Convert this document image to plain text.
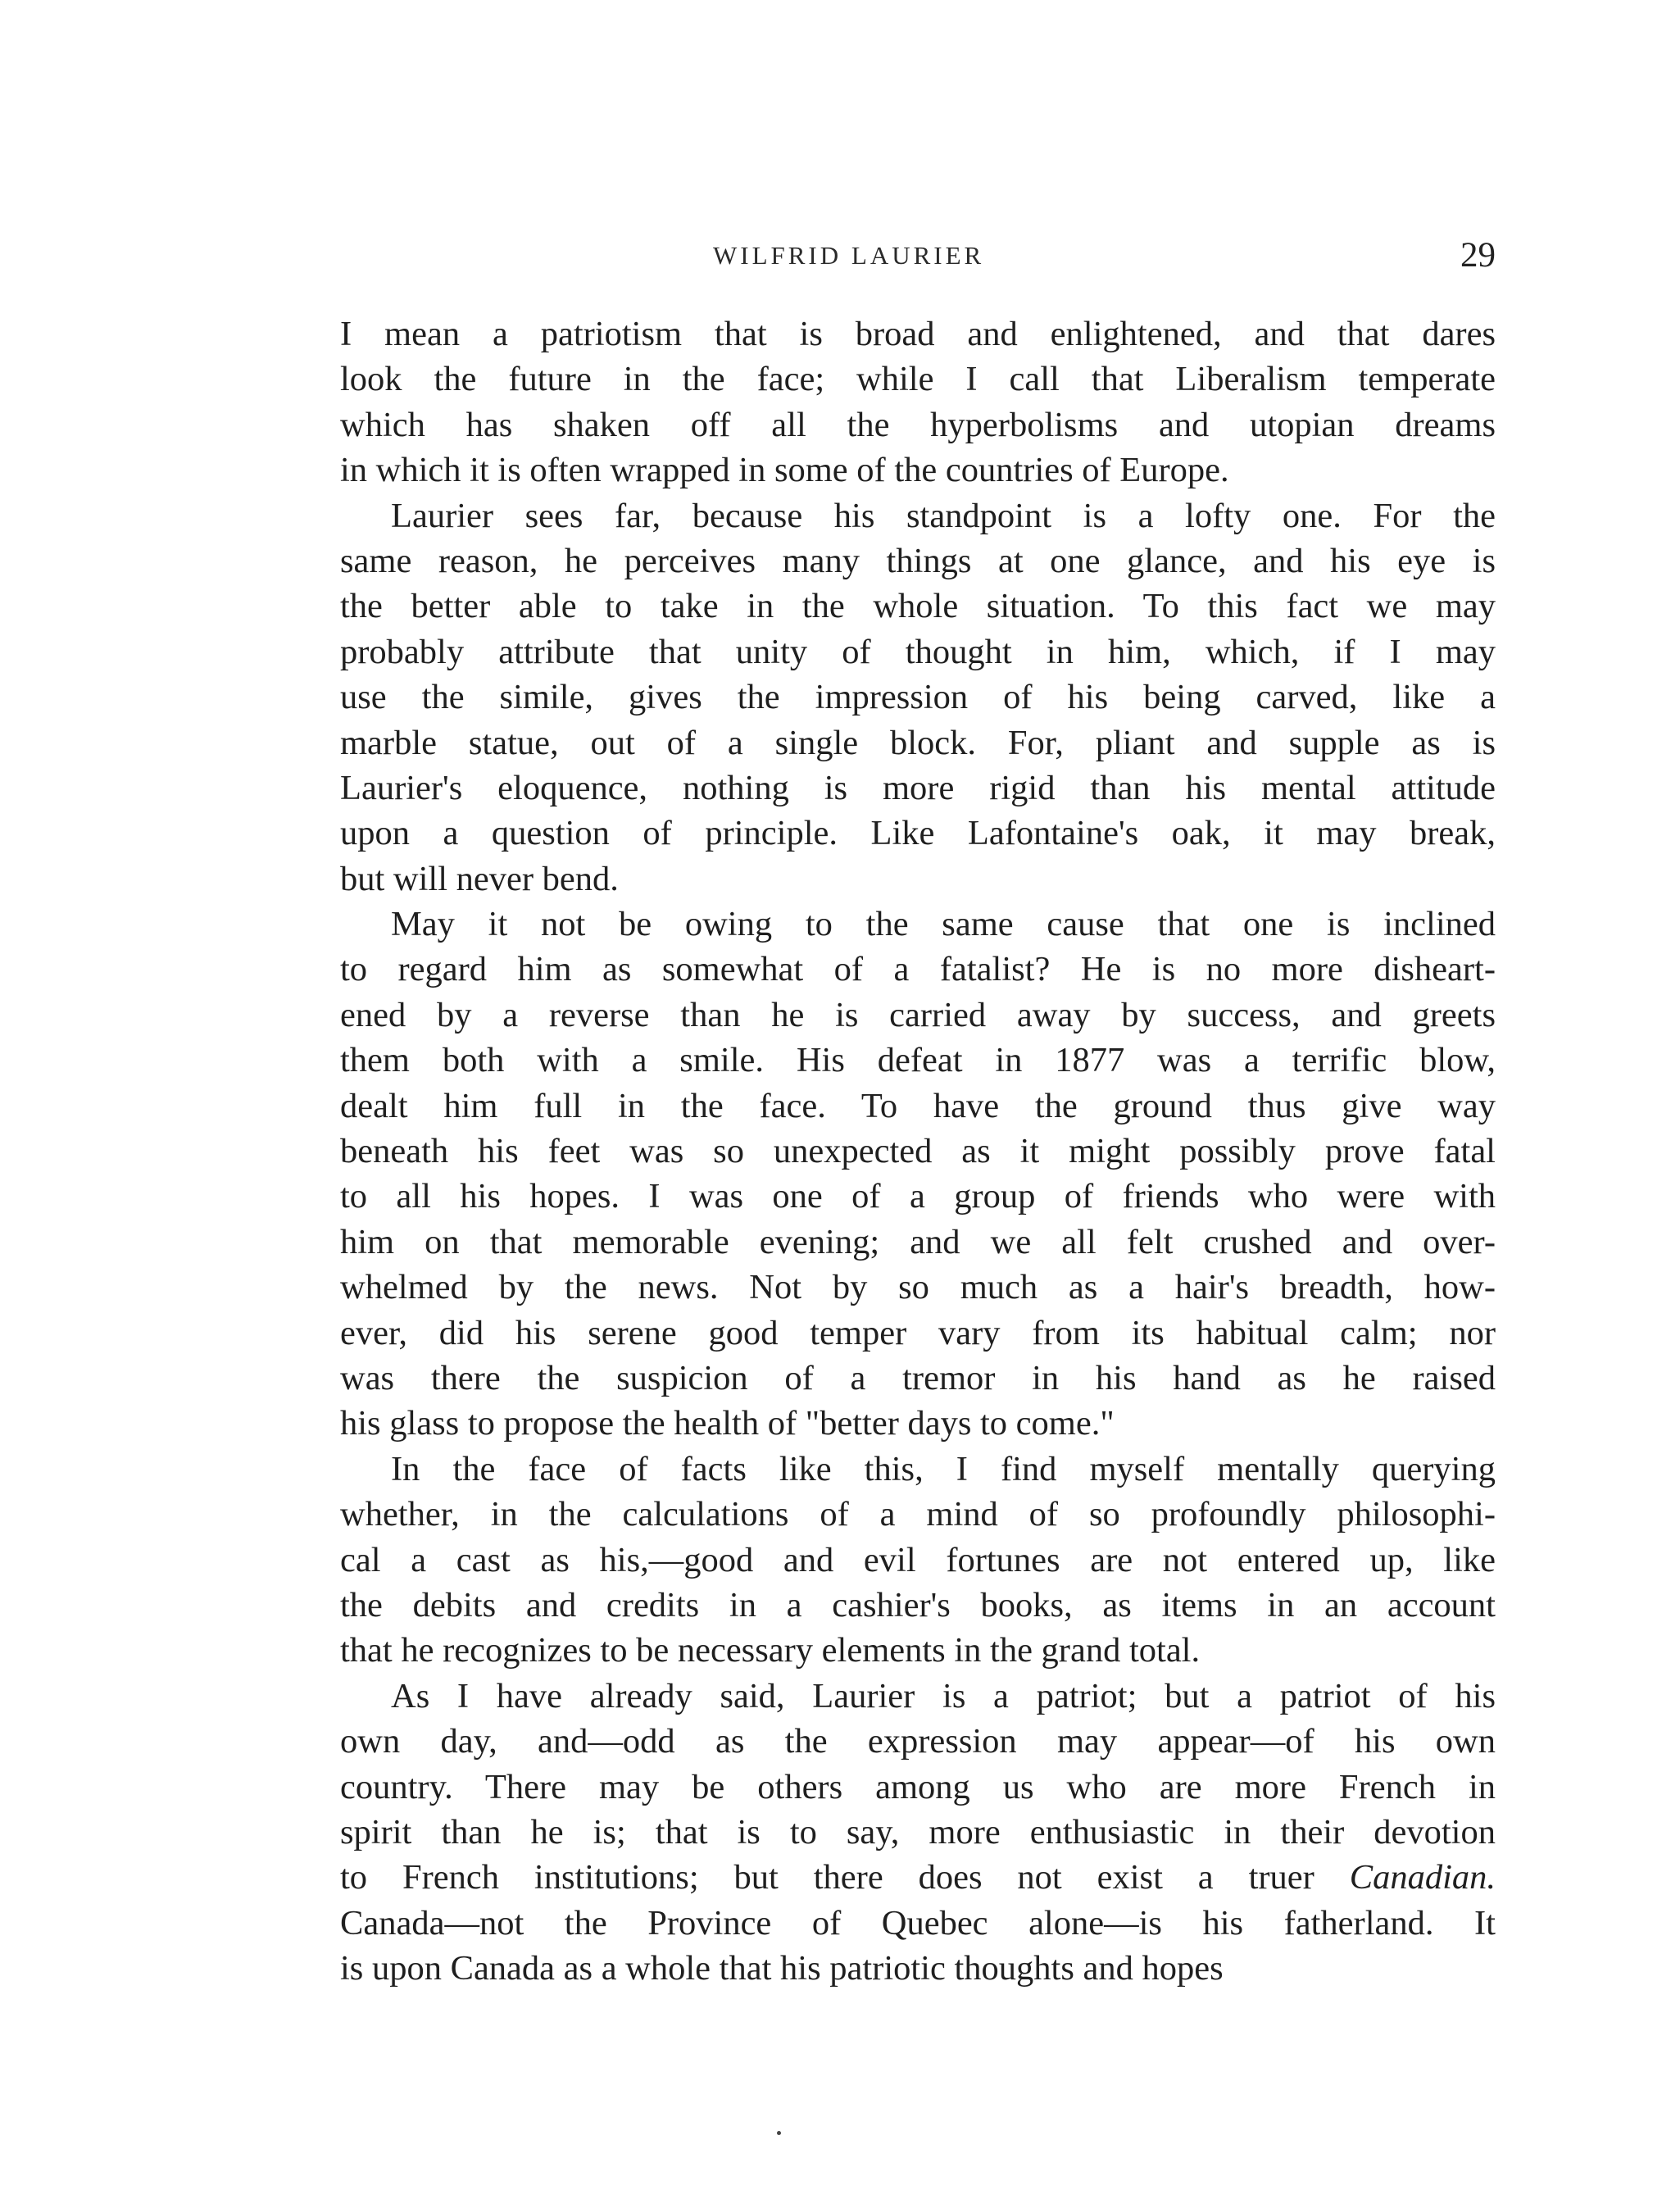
WILFRID LAURIER	29
I mean a patriotism that is broad and enlightened, and that dares
look the future in the face; while I call that Liberalism temperate
which has shaken off all the hyperbolisms and utopian dreams
in which it is often wrapped in some of the countries of Europe.
Laurier sees far, because his standpoint is a lofty one. For the
same reason, he perceives many things at one glance, and his eye is
the better able to take in the whole situation. To this fact we may
probably attribute that unity of thought in him, which, if I may
use the simile, gives the impression of his being carved, like a
marble statue, out of a single block. For, pliant and supple as is
Laurier's eloquence, nothing is more rigid than his mental attitude
upon a question of principle. Like Lafontaine's oak, it may break,
but will never bend.
May it not be owing to the same cause that one is inclined
to regard him as somewhat of a fatalist? He is no more disheart-
ened by a reverse than he is carried away by success, and greets
them both with a smile. His defeat in 1877 was a terrific blow,
dealt him full in the face. To have the ground thus give way
beneath his feet was so unexpected as it might possibly prove fatal
to all his hopes. I was one of a group of friends who were with
him on that memorable evening; and we all felt crushed and over-
whelmed by the news. Not by so much as a hair's breadth, how-
ever, did his serene good temper vary from its habitual calm; nor
was there the suspicion of a tremor in his hand as he raised
his glass to propose the health of "better days to come."
In the face of facts like this, I find myself mentally querying
whether, in the calculations of a mind of so profoundly philosophi-
cal a cast as his,—good and evil fortunes are not entered up, like
the debits and credits in a cashier's books, as items in an account
that he recognizes to be necessary elements in the grand total.
As I have already said, Laurier is a patriot; but a patriot of his
own day, and—odd as the expression may appear—of his own
country. There may be others among us who are more French in
spirit than he is; that is to say, more enthusiastic in their devotion
to French institutions; but there does not exist a truer Canadian.
Canada—not the Province of Quebec alone—is his fatherland. It
is upon Canada as a whole that his patriotic thoughts and hopes
